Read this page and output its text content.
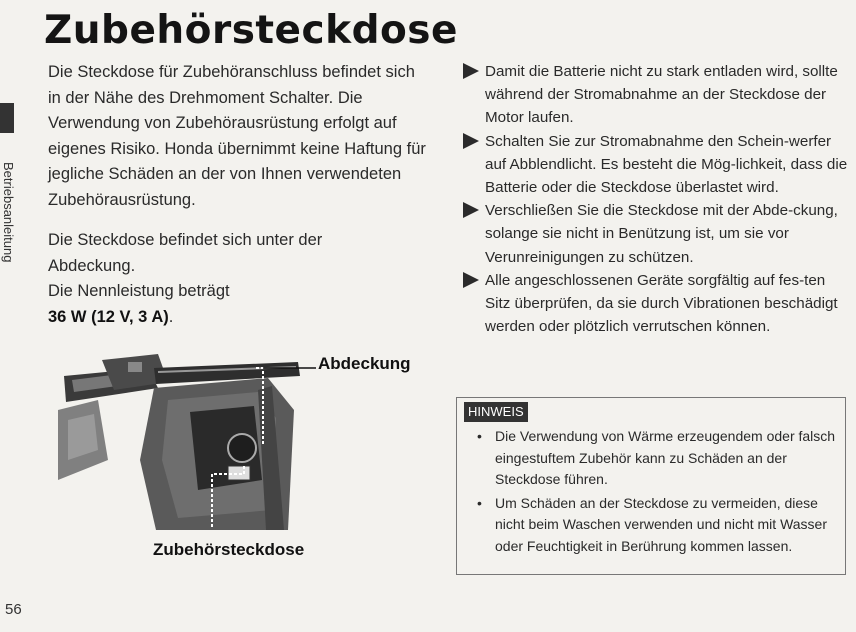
Zubehörsteckdose
Betriebsanleitung
Die Steckdose für Zubehöranschluss befindet sich in der Nähe des Drehmoment Schalter. Die Verwendung von Zubehörausrüstung erfolgt auf eigenes Risiko. Honda übernimmt keine Haftung für jegliche Schäden an der von Ihnen verwendeten Zubehörausrüstung.
Die Steckdose befindet sich unter der Abdeckung.
Die Nennleistung beträgt
36 W (12 V, 3 A).
Abdeckung
Zubehörsteckdose
Damit die Batterie nicht zu stark entladen wird, sollte während der Stromabnahme an der Steckdose der Motor laufen.
Schalten Sie zur Stromabnahme den Schein-werfer auf Abblendlicht. Es besteht die Mög-lichkeit, dass die Batterie oder die Steckdose überlastet wird.
Verschließen Sie die Steckdose mit der Abde-ckung, solange sie nicht in Benützung ist, um sie vor Verunreinigungen zu schützen.
Alle angeschlossenen Geräte sorgfältig auf fes-ten Sitz überprüfen, da sie durch Vibrationen beschädigt werden oder plötzlich verrutschen können.
HINWEIS
• Die Verwendung von Wärme erzeugendem oder falsch eingestuftem Zubehör kann zu Schäden an der Steckdose führen.
• Um Schäden an der Steckdose zu vermeiden, diese nicht beim Waschen verwenden und nicht mit Wasser oder Feuchtigkeit in Berührung kommen lassen.
56
